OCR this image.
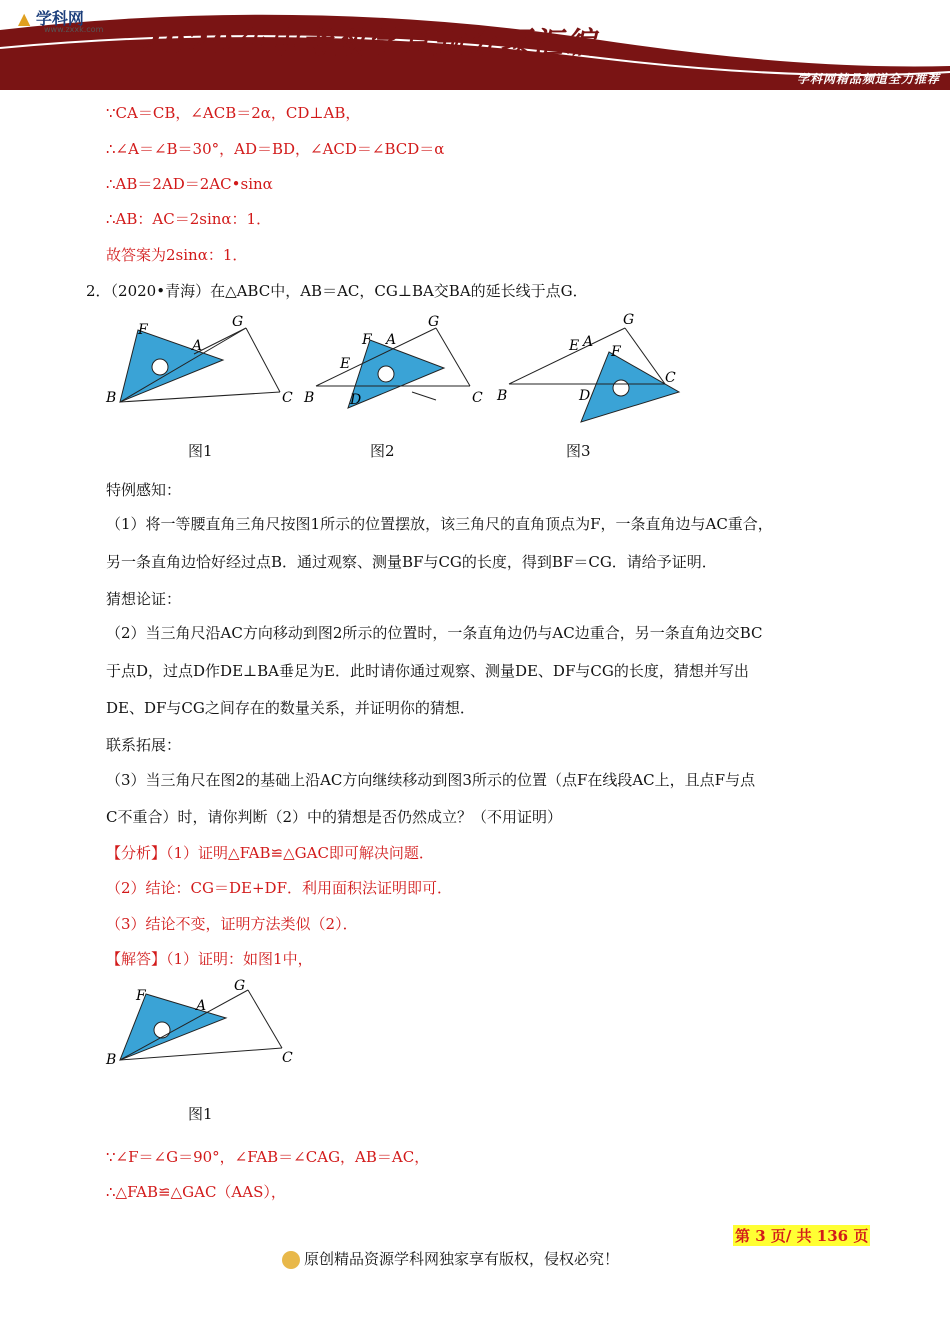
▲ 学科网
www.zxxk.com 2020年中考数学真题分项汇编
学科网精品频道全力推荐
∵CA＝CB，∠ACB＝2α，CD⊥AB，
∴∠A＝∠B＝30°，AD＝BD，∠ACD＝∠BCD＝α
∴AB＝2AD＝2AC•sinα
∴AB：AC＝2sinα：1．
故答案为2sinα：1．
2．（2020•青海）在△ABC中，AB＝AC，CG⊥BA交BA的延长线于点G．
F
A
G
B	C
图1
E
F A
G
B	D	C
图2
E A
F
G
B	D
C
图3
特例感知：
（1）将一等腰直角三角尺按图1所示的位置摆放，该三角尺的直角顶点为F，一条直角边与AC重合，
另一条直角边恰好经过点B．通过观察、测量BF与CG的长度，得到BF＝CG．请给予证明．
猜想论证：
（2）当三角尺沿AC方向移动到图2所示的位置时，一条直角边仍与AC边重合，另一条直角边交BC
于点D，过点D作DE⊥BA垂足为E．此时请你通过观察、测量DE、DF与CG的长度，猜想并写出
DE、DF与CG之间存在的数量关系，并证明你的猜想．
联系拓展：
（3）当三角尺在图2的基础上沿AC方向继续移动到图3所示的位置（点F在线段AC上，且点F与点
C不重合）时，请你判断（2）中的猜想是否仍然成立？（不用证明）
【分析】（1）证明△FAB≌△GAC即可解决问题．
（2）结论：CG＝DE+DF．利用面积法证明即可．
（3）结论不变，证明方法类似（2）．
【解答】（1）证明：如图1中，
F
A
G
B	C
图1
∵∠F＝∠G＝90°，∠FAB＝∠CAG，AB＝AC，
∴△FAB≌△GAC（AAS），
第 3 页/ 共 136 页
原创精品资源学科网独家享有版权，侵权必究！
